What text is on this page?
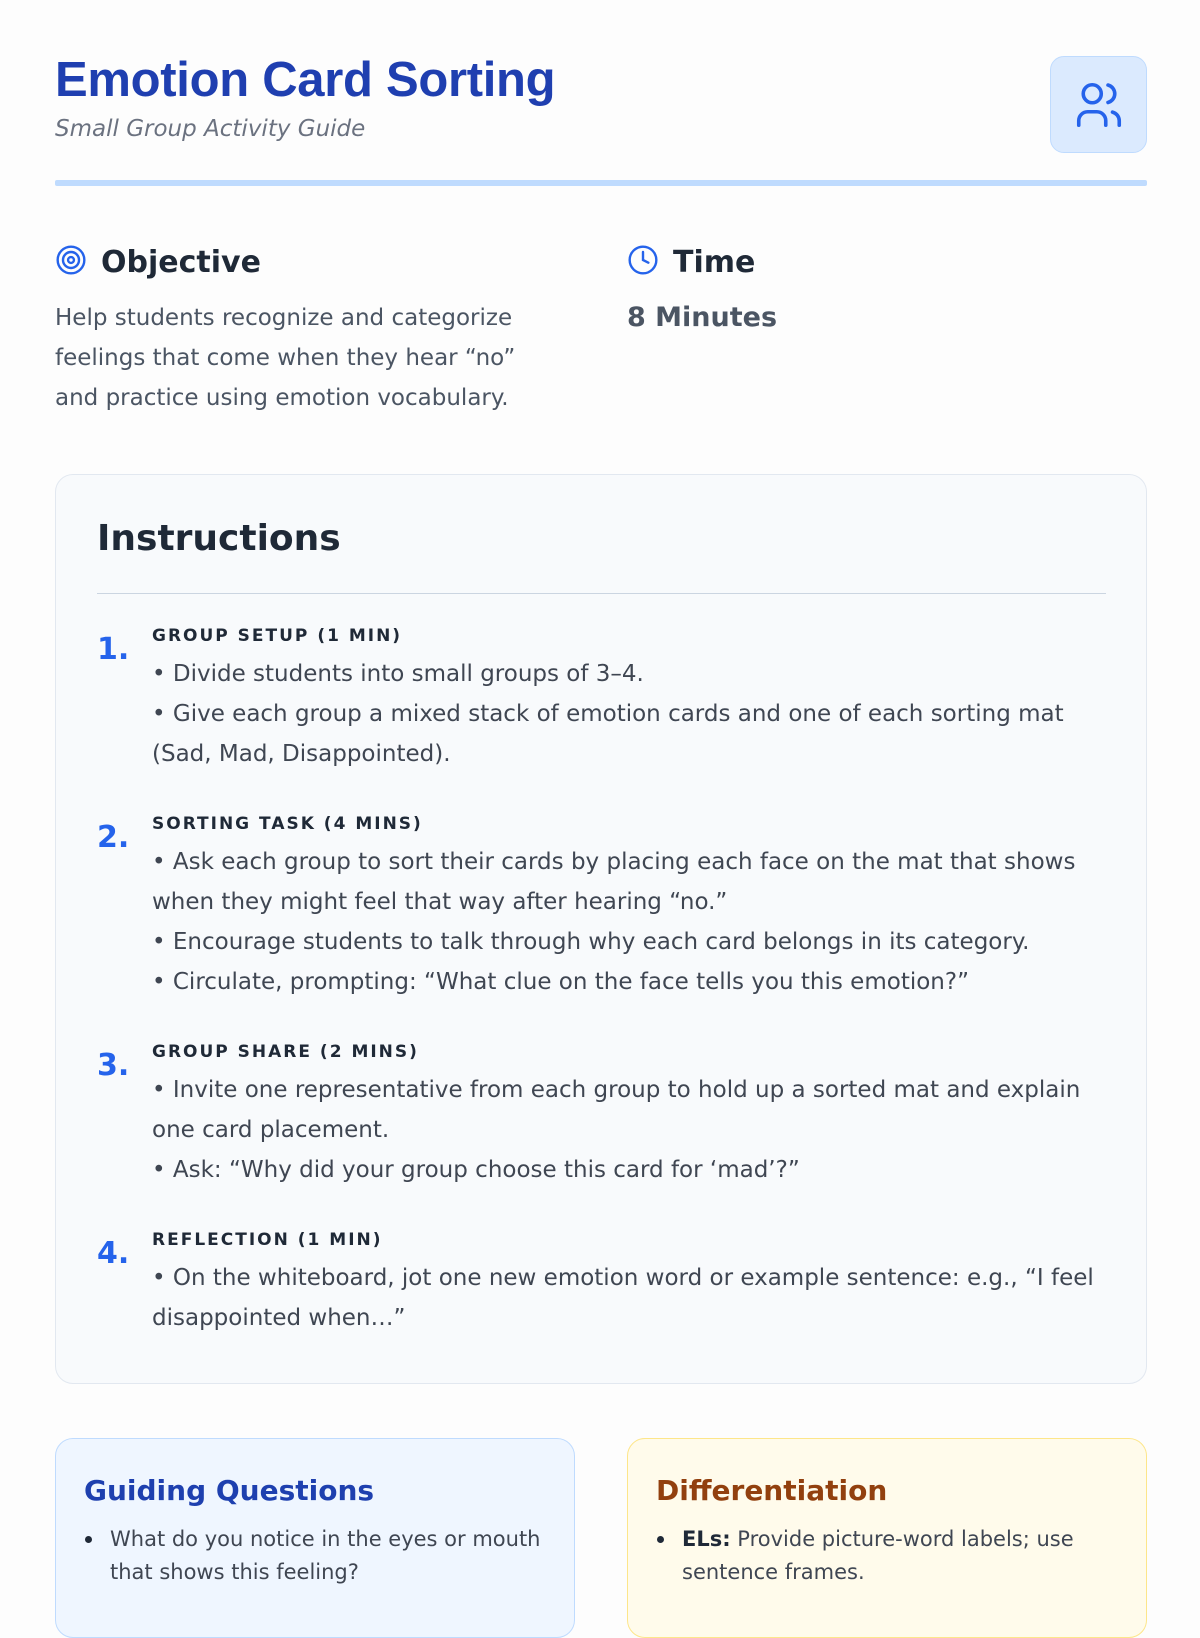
Emotion Card Sorting
Small Group Activity Guide
Objective
Help students recognize and categorize feelings that come when they hear “no” and practice using emotion vocabulary.
Time
8 Minutes
Instructions
1.	GROUP SETUP (1 MIN)

• Divide students into small groups of 3–4.

• Give each group a mixed stack of emotion cards and one of each sorting mat (Sad, Mad, Disappointed).

2.	SORTING TASK (4 MINS)

• Ask each group to sort their cards by placing each face on the mat that shows when they might feel that way after hearing “no.”

• Encourage students to talk through why each card belongs in its category.

• Circulate, prompting: “What clue on the face tells you this emotion?”

3.	GROUP SHARE (2 MINS)

• Invite one representative from each group to hold up a sorted mat and explain one card placement.

• Ask: “Why did your group choose this card for ‘mad’?”

4.	REFLECTION (1 MIN)

• On the whiteboard, jot one new emotion word or example sentence: e.g., “I feel disappointed when…”

Guiding Questions
What do you notice in the eyes or mouth that shows this feeling?
Differentiation
ELs: Provide picture-word labels; use sentence frames.
